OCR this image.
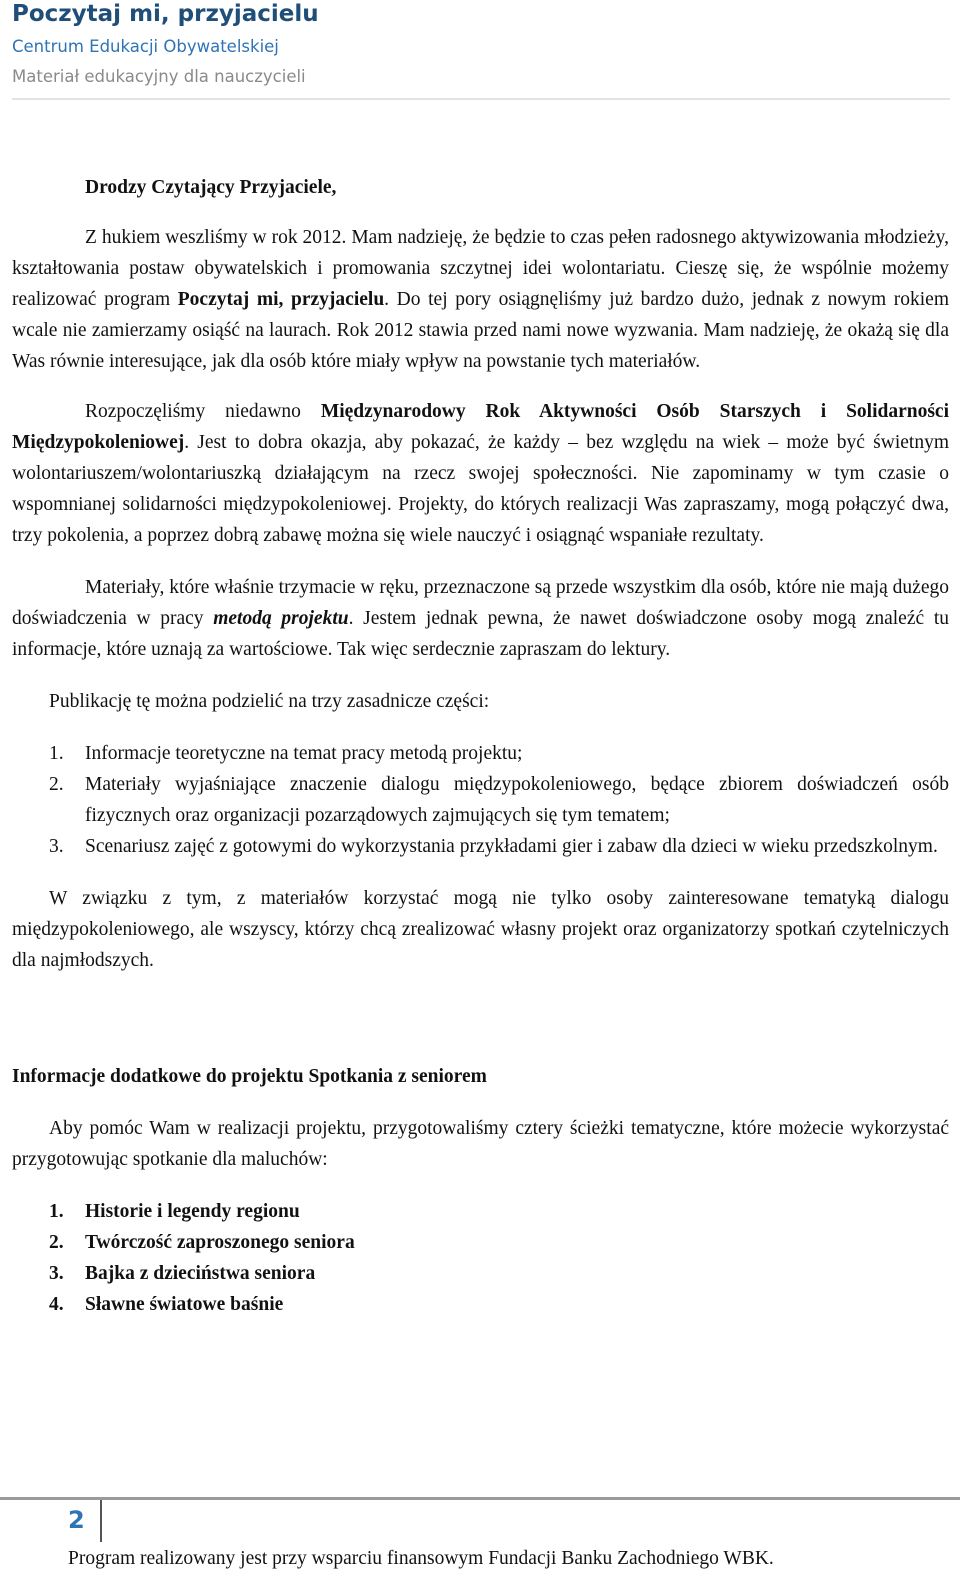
Poczytaj mi, przyjacielu
Centrum Edukacji Obywatelskiej
Materiał edukacyjny dla nauczycieli

Drodzy Czytający Przyjaciele,

Z hukiem weszliśmy w rok 2012. Mam nadzieję, że będzie to czas pełen radosnego aktywizowania młodzieży, kształtowania postaw obywatelskich i promowania szczytnej idei wolontariatu. Cieszę się, że wspólnie możemy realizować program Poczytaj mi, przyjacielu. Do tej pory osiągnęliśmy już bardzo dużo, jednak z nowym rokiem wcale nie zamierzamy osiąść na laurach. Rok 2012 stawia przed nami nowe wyzwania. Mam nadzieję, że okażą się dla Was równie interesujące, jak dla osób które miały wpływ na powstanie tych materiałów.

Rozpoczęliśmy niedawno Międzynarodowy Rok Aktywności Osób Starszych i Solidarności Międzypokoleniowej. Jest to dobra okazja, aby pokazać, że każdy – bez względu na wiek – może być świetnym wolontariuszem/wolontariuszką działającym na rzecz swojej społeczności. Nie zapominamy w tym czasie o wspomnianej solidarności międzypokoleniowej. Projekty, do których realizacji Was zapraszamy, mogą połączyć dwa, trzy pokolenia, a poprzez dobrą zabawę można się wiele nauczyć i osiągnąć wspaniałe rezultaty.

Materiały, które właśnie trzymacie w ręku, przeznaczone są przede wszystkim dla osób, które nie mają dużego doświadczenia w pracy metodą projektu. Jestem jednak pewna, że nawet doświadczone osoby mogą znaleźć tu informacje, które uznają za wartościowe. Tak więc serdecznie zapraszam do lektury.

Publikację tę można podzielić na trzy zasadnicze części:

1. Informacje teoretyczne na temat pracy metodą projektu;
2. Materiały wyjaśniające znaczenie dialogu międzypokoleniowego, będące zbiorem doświadczeń osób fizycznych oraz organizacji pozarządowych zajmujących się tym tematem;
3. Scenariusz zajęć z gotowymi do wykorzystania przykładami gier i zabaw dla dzieci w wieku przedszkolnym.

W związku z tym, z materiałów korzystać mogą nie tylko osoby zainteresowane tematyką dialogu międzypokoleniowego, ale wszyscy, którzy chcą zrealizować własny projekt oraz organizatorzy spotkań czytelniczych dla najmłodszych.

Informacje dodatkowe do projektu Spotkania z seniorem

Aby pomóc Wam w realizacji projektu, przygotowaliśmy cztery ścieżki tematyczne, które możecie wykorzystać przygotowując spotkanie dla maluchów:

1. Historie i legendy regionu
2. Twórczość zaproszonego seniora
3. Bajka z dzieciństwa seniora
4. Sławne światowe baśnie
2
Program realizowany jest przy wsparciu finansowym Fundacji Banku Zachodniego WBK.
